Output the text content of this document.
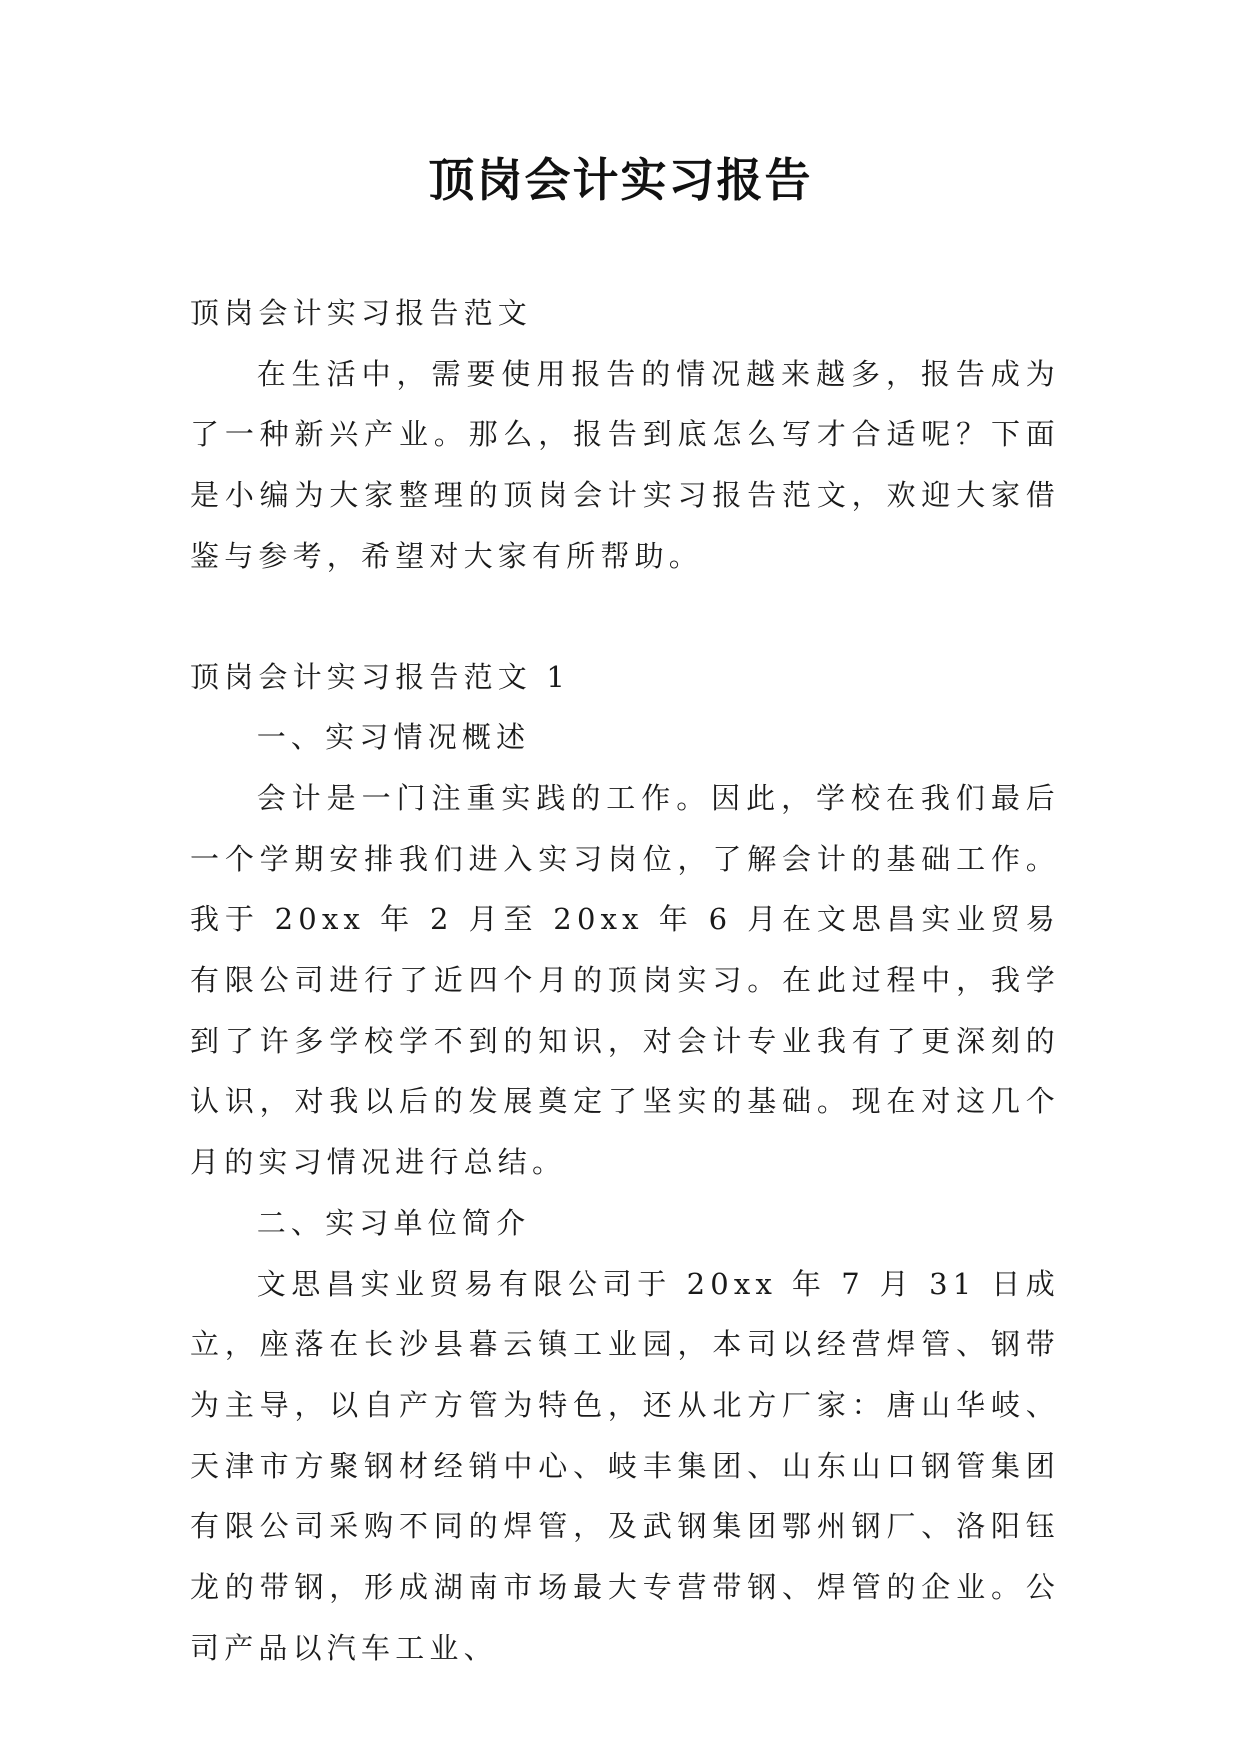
顶岗会计实习报告

顶岗会计实习报告范文

在生活中，需要使用报告的情况越来越多，报告成为了一种新兴产业。那么，报告到底怎么写才合适呢？下面是小编为大家整理的顶岗会计实习报告范文，欢迎大家借鉴与参考，希望对大家有所帮助。

顶岗会计实习报告范文 1

一、实习情况概述

会计是一门注重实践的工作。因此，学校在我们最后一个学期安排我们进入实习岗位，了解会计的基础工作。我于 20xx 年 2 月至 20xx 年 6 月在文思昌实业贸易有限公司进行了近四个月的顶岗实习。在此过程中，我学到了许多学校学不到的知识，对会计专业我有了更深刻的认识，对我以后的发展奠定了坚实的基础。现在对这几个月的实习情况进行总结。

二、实习单位简介

文思昌实业贸易有限公司于 20xx 年 7 月 31 日成立，座落在长沙县暮云镇工业园，本司以经营焊管、钢带为主导，以自产方管为特色，还从北方厂家：唐山华岐、天津市方聚钢材经销中心、岐丰集团、山东山口钢管集团有限公司采购不同的焊管，及武钢集团鄂州钢厂、洛阳钰龙的带钢，形成湖南市场最大专营带钢、焊管的企业。公司产品以汽车工业、
